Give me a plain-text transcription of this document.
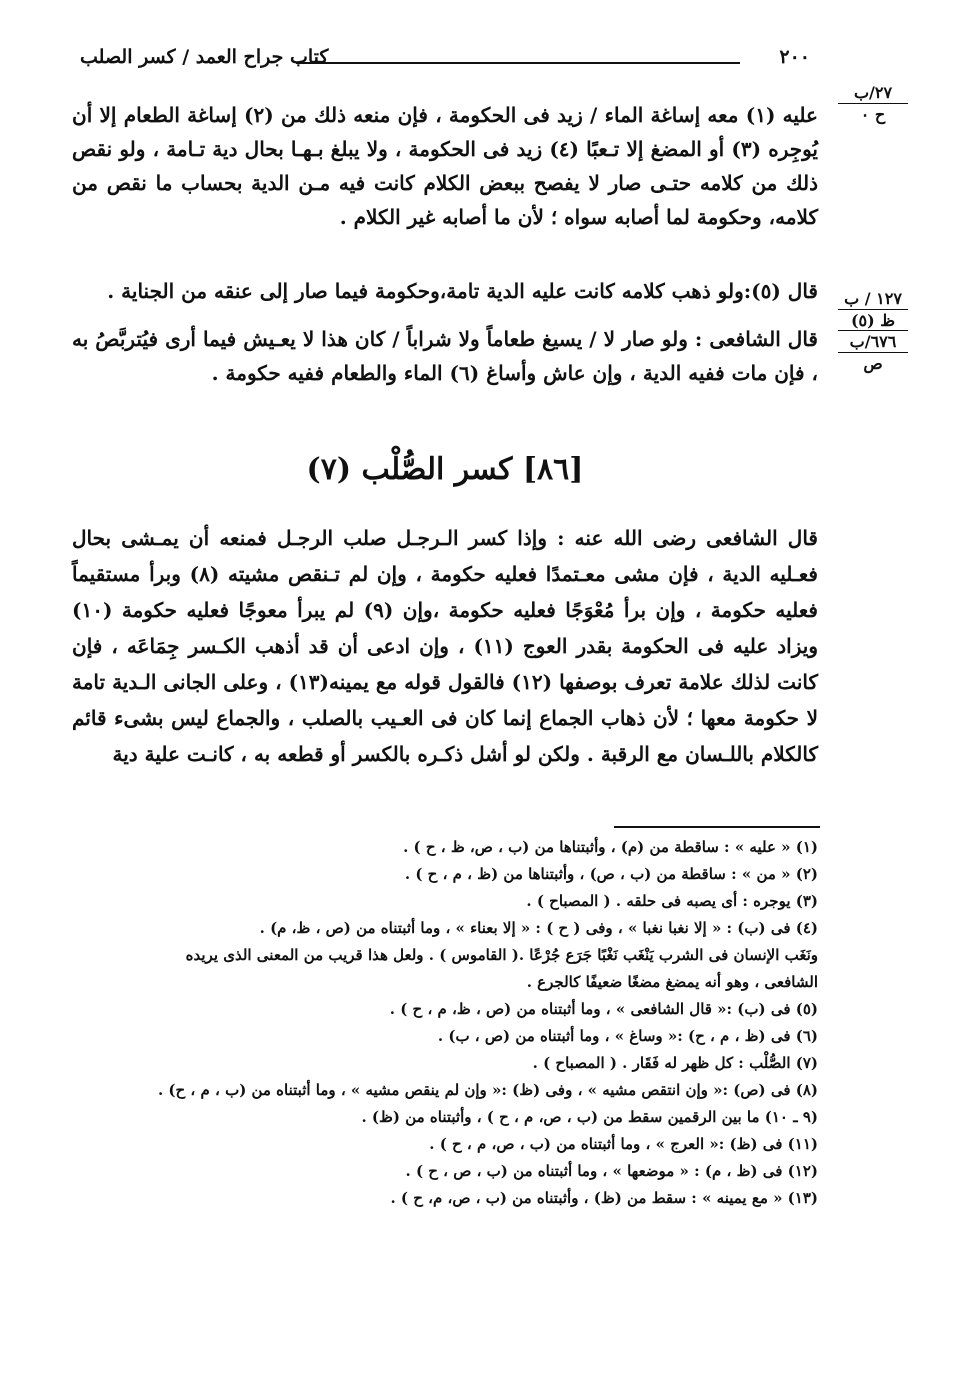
٢٠٠
كتاب جراح العمد / كسر الصلب
٢٧/ب
ح ٠
١٢٧ / ب
ظ (٥)
٦٧٦/ب
ص
عليه (١) معه إساغة الماء / زيد فى الحكومة ، فإن منعه ذلك من (٢) إساغة الطعام إلا أن يُوجِره (٣) أو المضغ إلا تـعبًا (٤) زيد فى الحكومة ، ولا يبلغ بـهـا بحال دية تـامة ، ولو نقص ذلك من كلامه حتـى صار لا يفصح ببعض الكلام كانت فيه مـن الدية بحساب ما نقص من كلامه، وحكومة لما أصابه سواه ؛ لأن ما أصابه غير الكلام .
قال (٥):ولو ذهب كلامه كانت عليه الدية تامة،وحكومة فيما صار إلى عنقه من الجناية .
قال الشافعى : ولو صار لا / يسيغ طعاماً ولا شراباً / كان هذا لا يعـيش فيما أرى فيُتربَّصُ به ، فإن مات ففيه الدية ، وإن عاش وأساغ (٦) الماء والطعام ففيه حكومة .
[٨٦] كسر الصُّلْب (٧)
قال الشافعى رضى الله عنه : وإذا كسر الـرجـل صلب الرجـل فمنعه أن يمـشى بحال فعـليه الدية ، فإن مشى معـتمدًا فعليه حكومة ، وإن لم تـنقص مشيته (٨) وبرأ مستقيماً فعليه حكومة ، وإن برأ مُعْوَجًا فعليه حكومة ،وإن (٩) لم يبرأ معوجًا فعليه حكومة (١٠) ويزاد عليه فى الحكومة بقدر العوج (١١) ، وإن ادعى أن قد أذهب الكـسر جِمَاعَه ، فإن كانت لذلك علامة تعرف بوصفها (١٢) فالقول قوله مع يمينه(١٣) ، وعلى الجانى الـدية تامة لا حكومة معها ؛ لأن ذهاب الجماع إنما كان فى العـيب بالصلب ، والجماع ليس بشىء قائم كالكلام باللـسان مع الرقبة . ولكن لو أشل ذكـره بالكسر أو قطعه به ، كانـت علية دية
(١) « عليه » : ساقطة من (م) ، وأثبتناها من (ب ، ص، ظ ، ح ) .
(٢) « من » : ساقطة من (ب ، ص) ، وأثبتناها من (ظ ، م ، ح ) .
(٣) يوجره : أى يصبه فى حلقه . ( المصباح ) .
(٤) فى (ب) : « إلا نغبا نغبا » ، وفى ( ح ) : « إلا بعناء » ، وما أثبتناه من (ص ، ظ، م) .
ونَغَب الإنسان فى الشرب يَنْغَب نَغْبًا جَرَع جُرْعًا .( القاموس ) . ولعل هذا قريب من المعنى الذى يريده
الشافعى ، وهو أنه يمضغ مضغًا ضعيفًا كالجرع .
(٥) فى (ب) :« قال الشافعى » ، وما أثبتناه من (ص ، ظ، م ، ح ) .
(٦) فى (ظ ، م ، ح) :« وساغ » ، وما أثبتناه من (ص ، ب) .
(٧) الصُّلْب : كل ظهر له فَقَار . ( المصباح ) .
(٨) فى (ص) :« وإن انتقص مشيه » ، وفى (ظ) :« وإن لم ينقص مشيه » ، وما أثبتناه من (ب ، م ، ح) .
(٩ ـ ١٠) ما بين الرقمين سقط من (ب ، ص، م ، ح ) ، وأثبتناه من (ظ) .
(١١) فى (ظ) :« العرج » ، وما أثبتناه من (ب ، ص، م ، ح ) .
(١٢) فى (ظ ، م) : « موضعها » ، وما أثبتناه من (ب ، ص ، ح ) .
(١٣) « مع يمينه » : سقط من (ظ) ، وأثبتناه من (ب ، ص، م، ح ) .
